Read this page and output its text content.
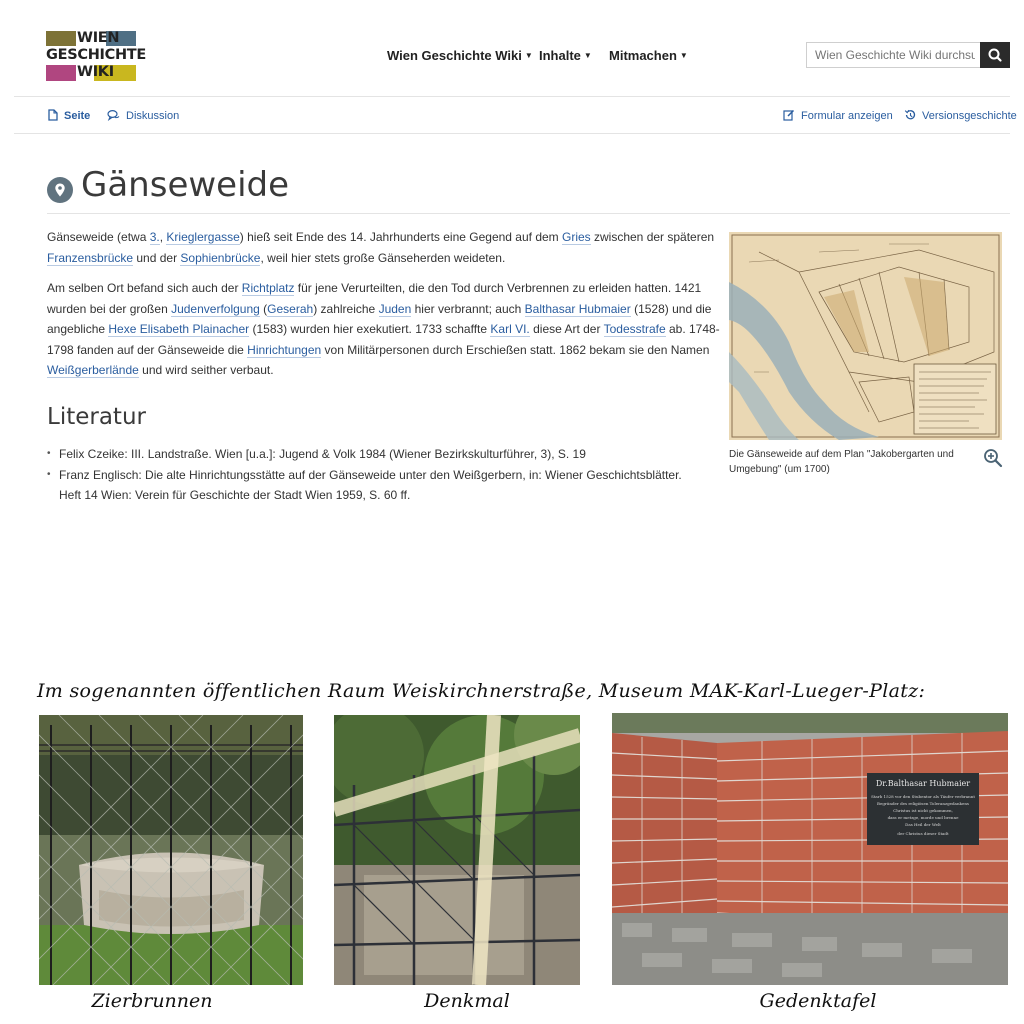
WIEN
GESCHICHTE
WIKI
Wien Geschichte Wiki ▼ Inhalte ▼ Mitmachen ▼
Wien Geschichte Wiki durchsuchen
Seite	Diskussion	Formular anzeigen	Versionsgeschichte
Gänseweide
Gänseweide (etwa 3., Krieglergasse) hieß seit Ende des 14. Jahrhunderts eine Gegend auf dem Gries zwischen der späteren Franzensbrücke und der Sophienbrücke, weil hier stets große Gänseherden weideten.
Am selben Ort befand sich auch der Richtplatz für jene Verurteilten, die den Tod durch Verbrennen zu erleiden hatten. 1421 wurden bei der großen Judenverfolgung (Geserah) zahlreiche Juden hier verbrannt; auch Balthasar Hubmaier (1528) und die angebliche Hexe Elisabeth Plainacher (1583) wurden hier exekutiert. 1733 schaffte Karl VI. diese Art der Todesstrafe ab. 1748-1798 fanden auf der Gänseweide die Hinrichtungen von Militärpersonen durch Erschießen statt. 1862 bekam sie den Namen Weißgerberlände und wird seither verbaut.
Literatur
• Felix Czeike: III. Landstraße. Wien [u.a.]: Jugend & Volk 1984 (Wiener Bezirkskulturführer, 3), S. 19
• Franz Englisch: Die alte Hinrichtungsstätte auf der Gänseweide unter den Weißgerbern, in: Wiener Geschichtsblätter. Heft 14 Wien: Verein für Geschichte der Stadt Wien 1959, S. 60 ff.
Die Gänseweide auf dem Plan "Jakobergarten und Umgebung" (um 1700)
Im sogenannten öffentlichen Raum Weiskirchnerstraße, Museum MAK-Karl-Lueger-Platz:
Zierbrunnen	Denkmal
Dr.Balthasar Hubmaier
Starb 1528 vor den Stubentor als Täufer verbrannt
Begründer des religiösen Toleranzgedankens
Christus ist nicht gekommen,
dass er metzge, morde und brenne
Das Heil der Welt
der Christus dieser Stadt
Gedenktafel
